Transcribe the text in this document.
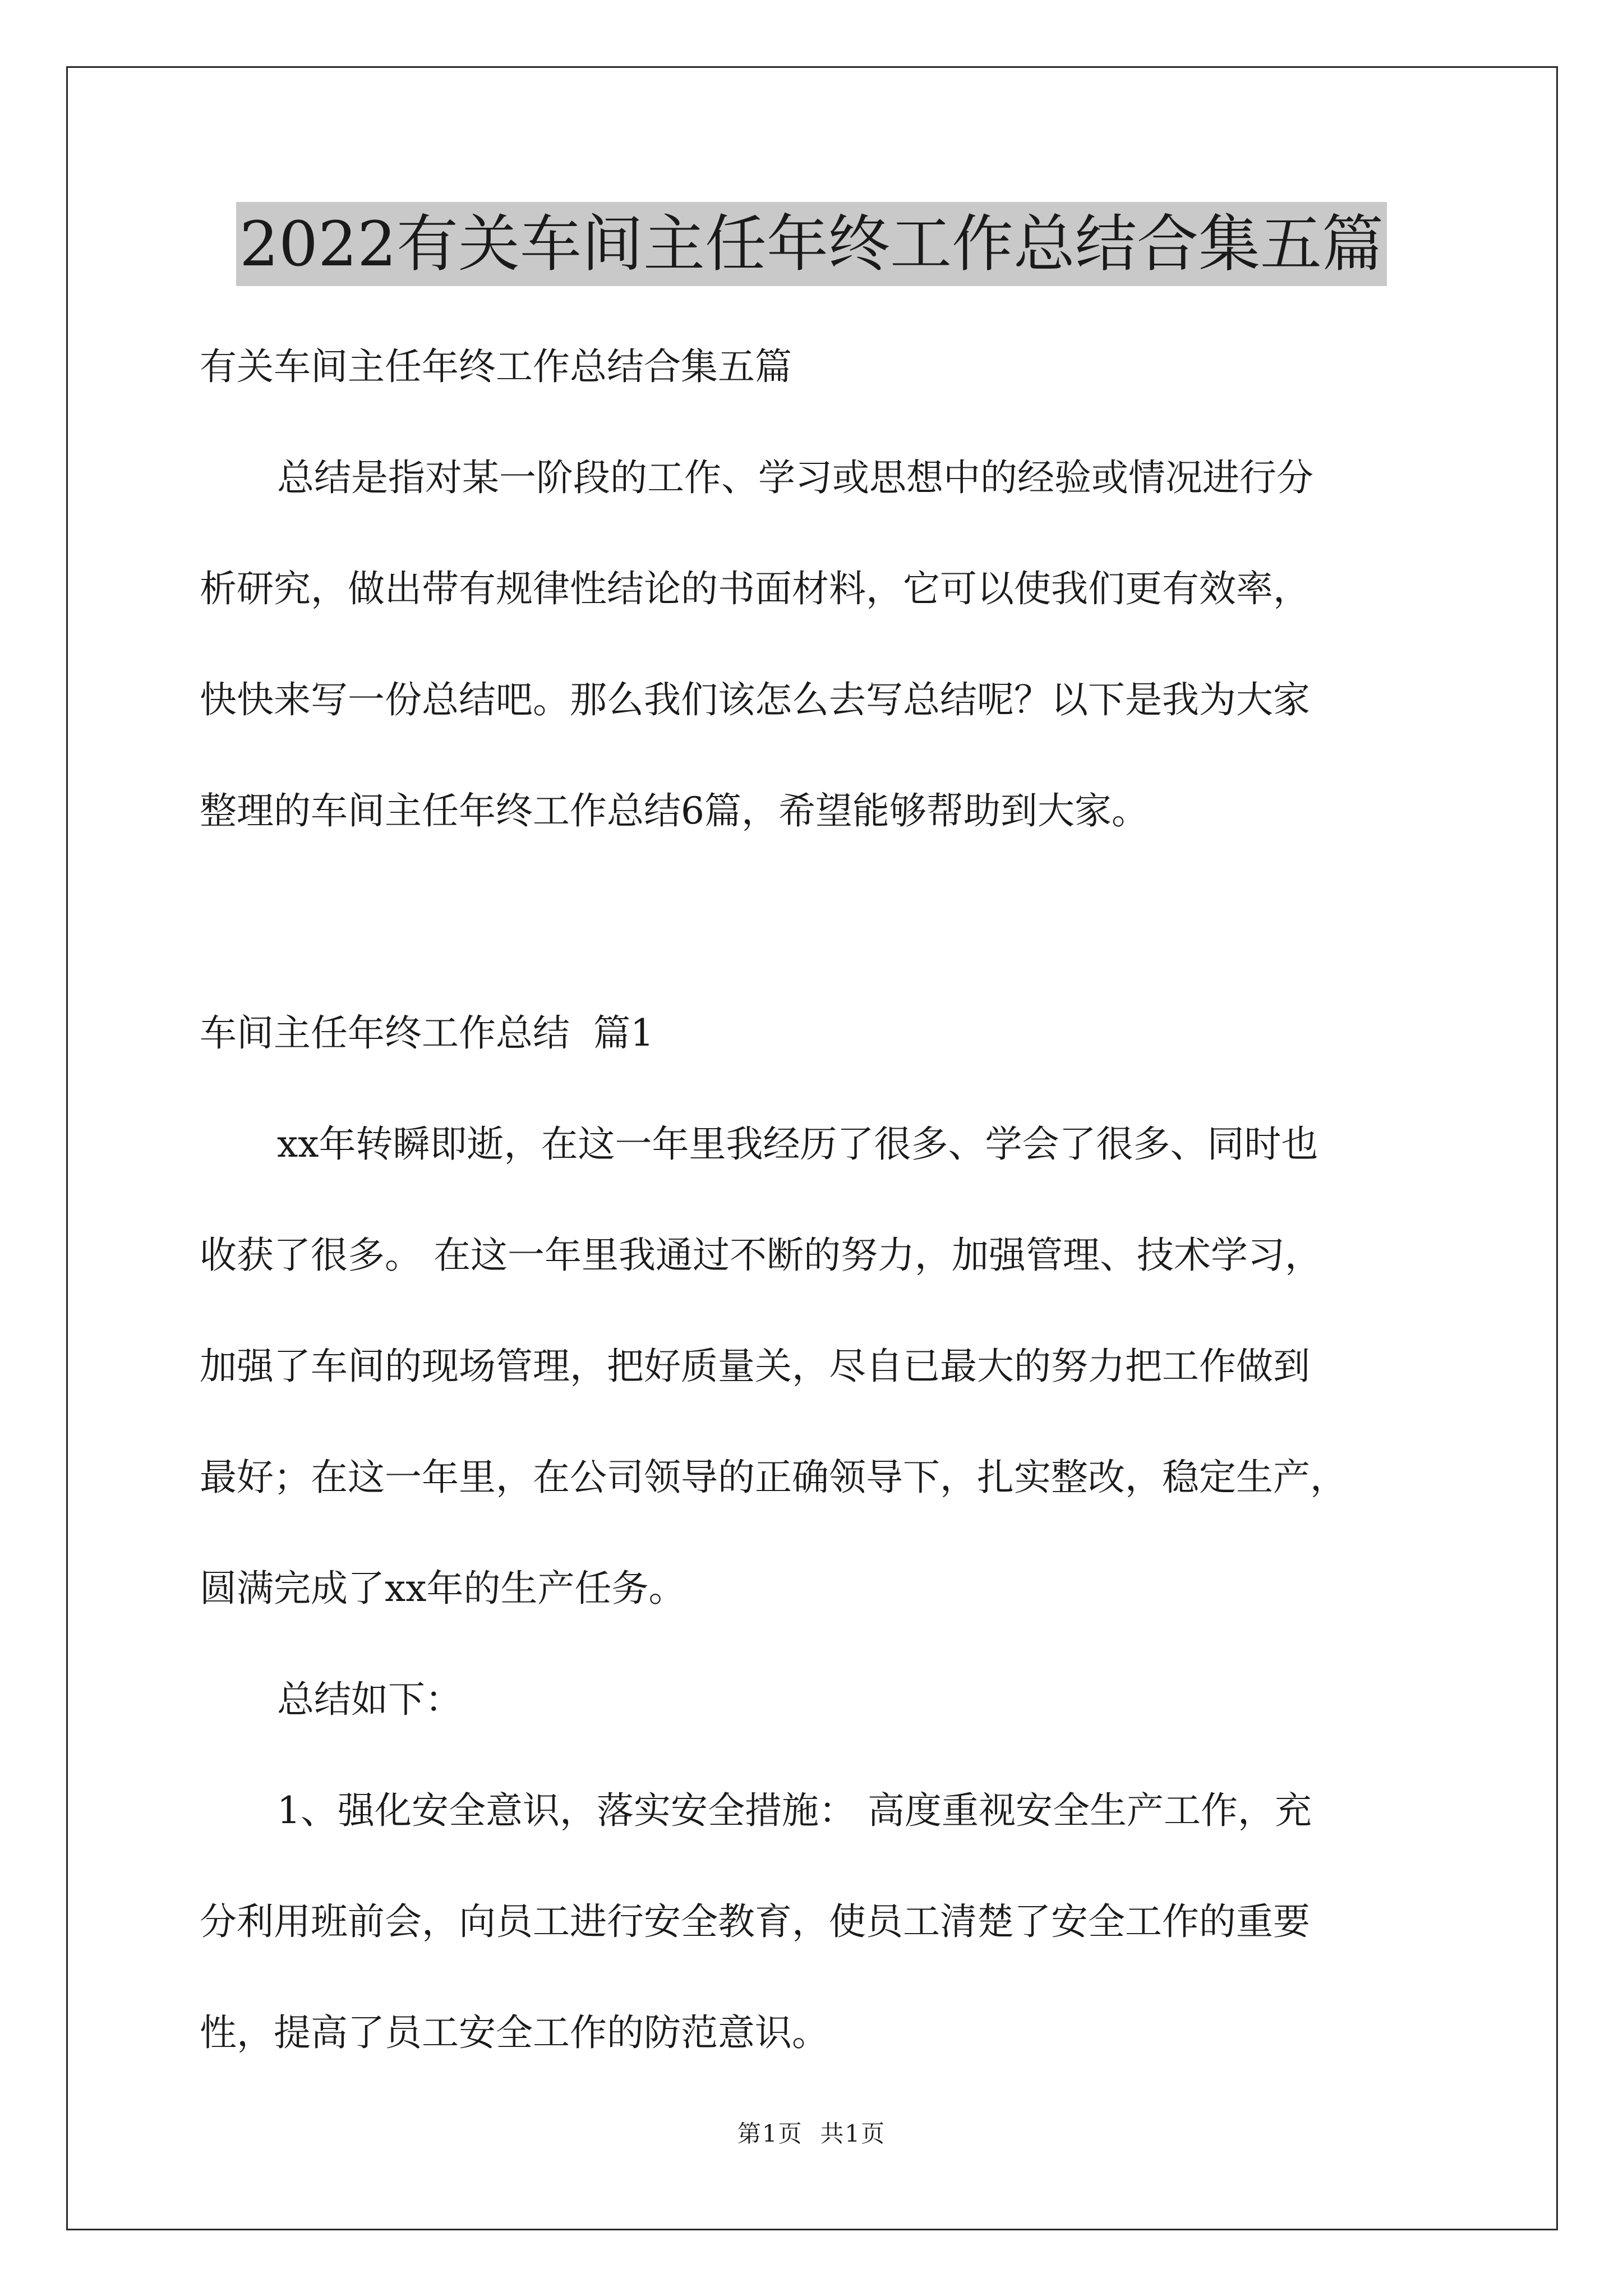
2022有关车间主任年终工作总结合集五篇

有关车间主任年终工作总结合集五篇

总结是指对某一阶段的工作、学习或思想中的经验或情况进行分

析研究，做出带有规律性结论的书面材料，它可以使我们更有效率，

快快来写一份总结吧。那么我们该怎么去写总结呢？以下是我为大家

整理的车间主任年终工作总结6篇，希望能够帮助到大家。

车间主任年终工作总结  篇1

xx年转瞬即逝，在这一年里我经历了很多、学会了很多、同时也

收获了很多。 在这一年里我通过不断的努力，加强管理、技术学习，

加强了车间的现场管理，把好质量关，尽自已最大的努力把工作做到

最好；在这一年里，在公司领导的正确领导下，扎实整改，稳定生产，

圆满完成了xx年的生产任务。

总结如下：

1、强化安全意识，落实安全措施： 高度重视安全生产工作，充

分利用班前会，向员工进行安全教育，使员工清楚了安全工作的重要

性，提高了员工安全工作的防范意识。

第1页  共1页
